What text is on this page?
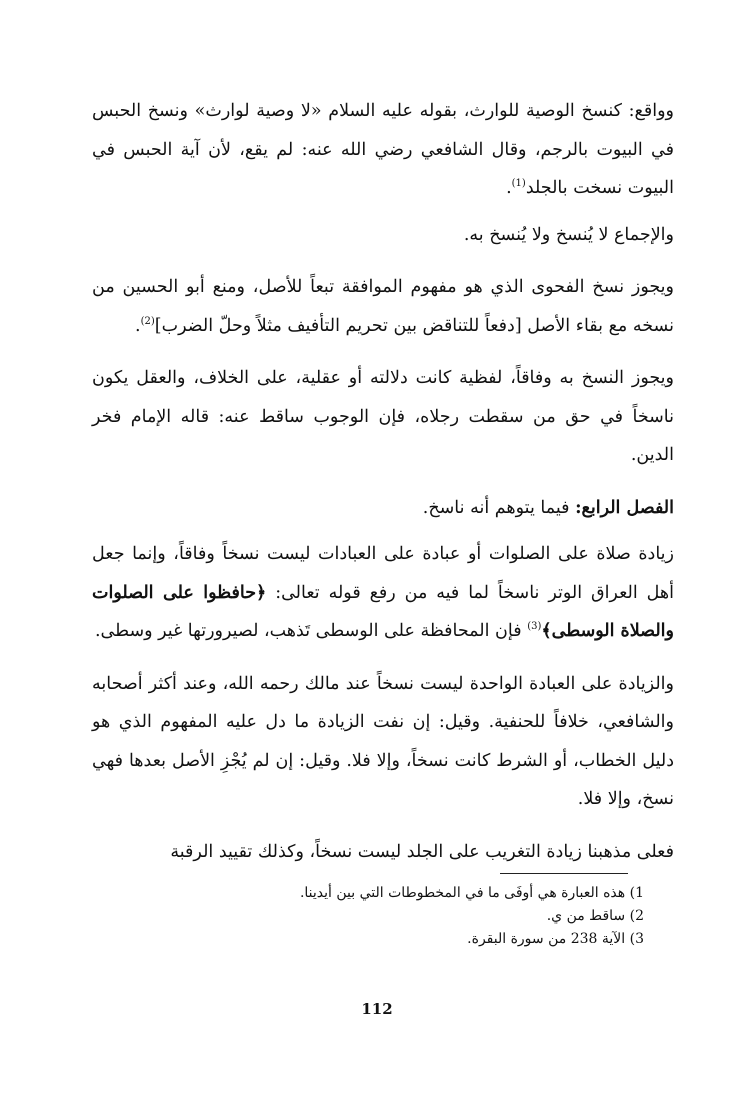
وواقع: كنسخ الوصية للوارث، بقوله عليه السلام «لا وصية لوارث» ونسخ الحبس في البيوت بالرجم، وقال الشافعي رضي الله عنه: لم يقع، لأن آية الحبس في البيوت نسخت بالجلد$^{(1)}$.

والإجماع لا يُنسخ ولا يُنسخ به.

ويجوز نسخ الفحوى الذي هو مفهوم الموافقة تبعاً للأصل، ومنع أبو الحسين من نسخه مع بقاء الأصل [دفعاً للتناقض بين تحريم التأفيف مثلاً وحلّ الضرب]$^{(2)}$.

ويجوز النسخ به وفاقاً، لفظية كانت دلالته أو عقلية، على الخلاف، والعقل يكون ناسخاً في حق من سقطت رجلاه، فإن الوجوب ساقط عنه: قاله الإمام فخر الدين.

الفصل الرابع: فيما يتوهم أنه ناسخ.

زيادة صلاة على الصلوات أو عبادة على العبادات ليست نسخاً وفاقاً، وإنما جعل أهل العراق الوتر ناسخاً لما فيه من رفع قوله تعالى: ﴿حافظوا على الصلوات والصلاة الوسطى﴾$^{(3)}$ فإن المحافظة على الوسطى تَذهب، لصيرورتها غير وسطى.

والزيادة على العبادة الواحدة ليست نسخاً عند مالك رحمه الله، وعند أكثر أصحابه والشافعي، خلافاً للحنفية. وقيل: إن نفت الزيادة ما دل عليه المفهوم الذي هو دليل الخطاب، أو الشرط كانت نسخاً، وإلا فلا. وقيل: إن لم يُجْزِ الأصل بعدها فهي نسخ، وإلا فلا.

فعلى مذهبنا زيادة التغريب على الجلد ليست نسخاً، وكذلك تقييد الرقبة

1) هذه العبارة هي أوفَى ما في المخطوطات التي بين أيدينا.
2) ساقط من ي.
3) الآية 238 من سورة البقرة.
112
